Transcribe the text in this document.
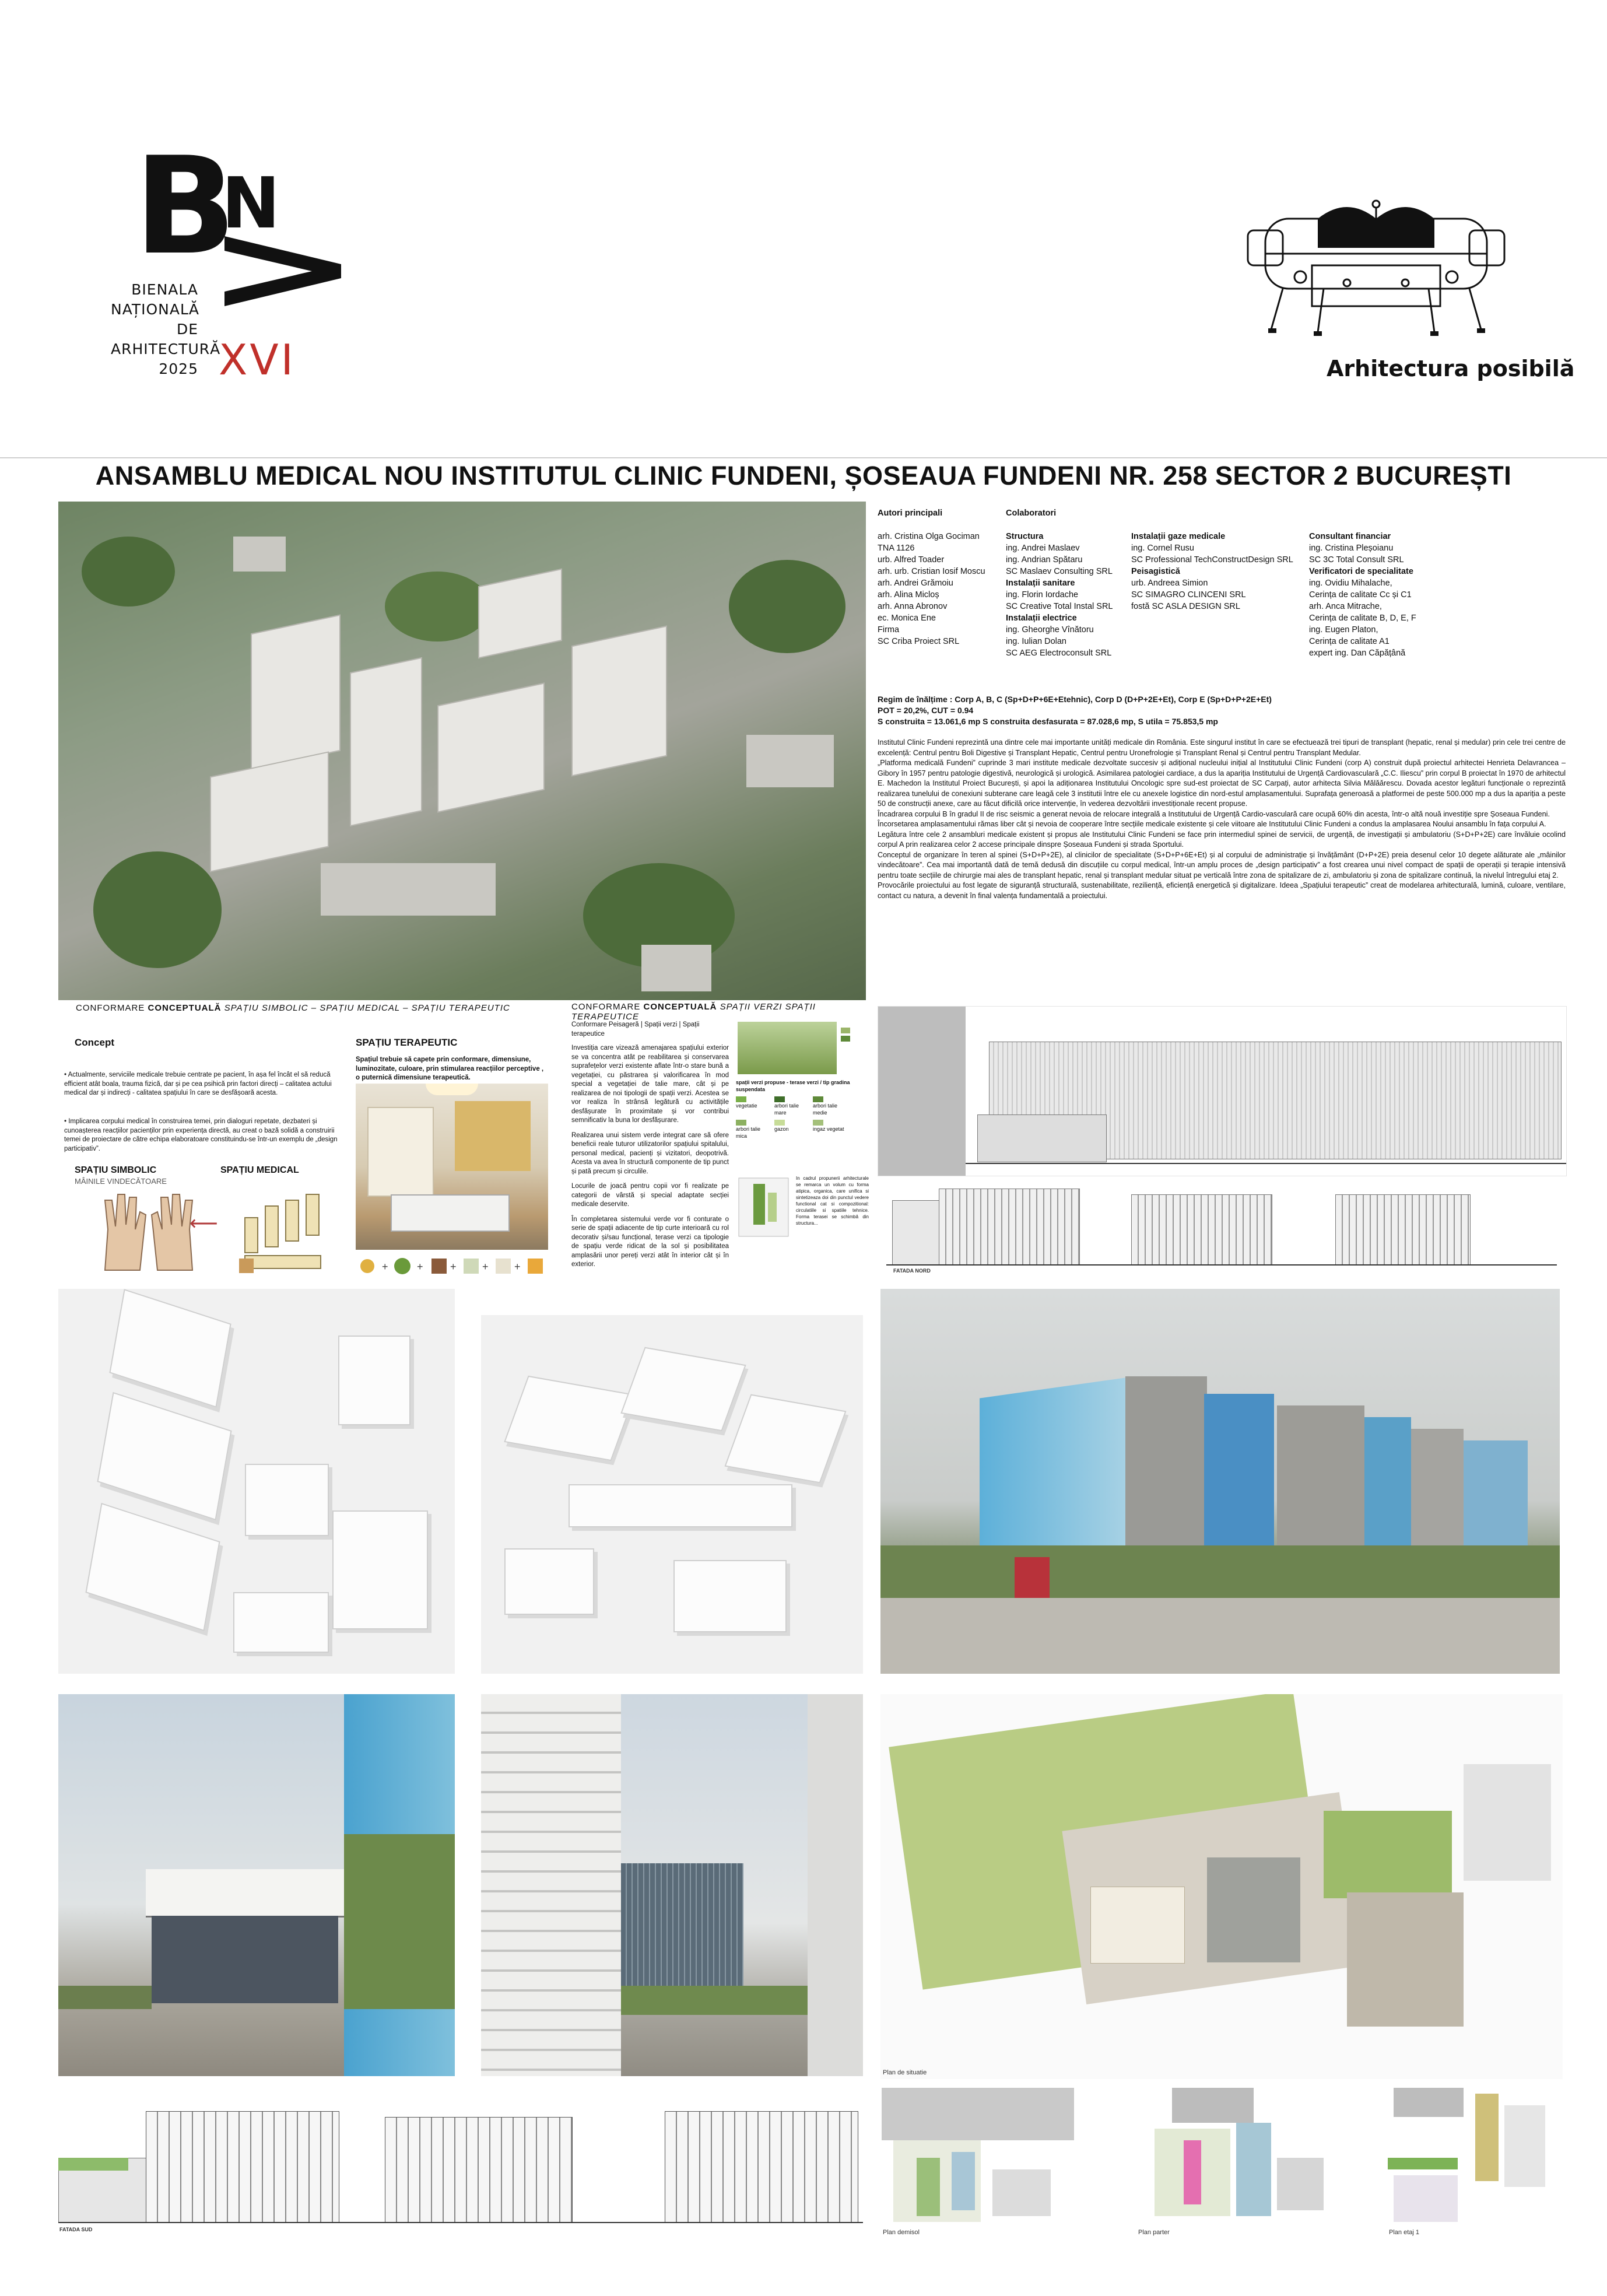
B
N
BIENALA
NAȚIONALĂ
DE
ARHITECTURĂ
2025 XVI	Arhitectura posibilă
ANSAMBLU MEDICAL NOU INSTITUTUL CLINIC FUNDENI, ȘOSEAUA FUNDENI NR. 258 SECTOR 2 BUCUREȘTI
Autori principali
arh. Cristina Olga Gociman
TNA 1126
urb. Alfred Toader
arh. urb. Cristian Iosif Moscu
arh. Andrei Grămoiu
arh. Alina Micloș
arh. Anna Abronov
ec. Monica Ene
Firma
SC Criba Proiect SRL
Colaboratori
Structura
ing. Andrei Maslaev
ing. Andrian Spătaru
SC Maslaev Consulting SRL
Instalații sanitare
ing. Florin Iordache
SC Creative Total Instal SRL
Instalații electrice
ing. Gheorghe Vînătoru
ing. Iulian Dolan
SC AEG Electroconsult SRL
Instalații gaze medicale
ing. Cornel Rusu
SC Professional TechConstructDesign SRL
Peisagistică
urb. Andreea Simion
SC SIMAGRO CLINCENI SRL
fostă SC ASLA DESIGN SRL
Consultant financiar
ing. Cristina Pleșoianu
SC 3C Total Consult SRL
Verificatori de specialitate
ing. Ovidiu Mihalache,
Cerința de calitate Cc și C1
arh. Anca Mitrache,
Cerința de calitate B, D, E, F
ing. Eugen Platon,
Cerința de calitate A1
expert ing. Dan Căpățână
Regim de înălțime : Corp A, B, C (Sp+D+P+6E+Etehnic), Corp D (D+P+2E+Et), Corp E (Sp+D+P+2E+Et)
POT = 20,2%, CUT = 0.94
S construita = 13.061,6 mp S construita desfasurata = 87.028,6 mp, S utila = 75.853,5 mp
Institutul Clinic Fundeni reprezintă una dintre cele mai importante unități medicale din România. Este singurul institut în care se efectuează trei tipuri de transplant (hepatic, renal și medular) prin cele trei centre de excelență: Centrul pentru Boli Digestive și Transplant Hepatic, Centrul pentru Uronefrologie și Transplant Renal și Centrul pentru Transplant Medular.
„Platforma medicală Fundeni” cuprinde 3 mari institute medicale dezvoltate succesiv și adițional nucleului inițial al Institutului Clinic Fundeni (corp A) construit după proiectul arhitectei Henrieta Delavrancea – Gibory în 1957 pentru patologie digestivă, neurologică și urologică. Asimilarea patologiei cardiace, a dus la apariția Institutului de Urgență Cardiovasculară „C.C. Iliescu” prin corpul B proiectat în 1970 de arhitectul E. Machedon la Institutul Proiect București, și apoi la adiționarea Institutului Oncologic spre sud-est proiectat de SC Carpați, autor arhitecta Silvia Mălăărescu. Dovada acestor legături funcționale o reprezintă realizarea tunelului de conexiuni subterane care leagă cele 3 institutii între ele cu anexele logistice din nord-estul amplasamentului. Suprafața generoasă a platformei de peste 500.000 mp a dus la apariția a peste 50 de construcții anexe, care au făcut dificilă orice intervenție, în vederea dezvoltării investiționale recent propuse.
Încadrarea corpului B în gradul II de risc seismic a generat nevoia de relocare integrală a Institutului de Urgență Cardio-vasculară care ocupă 60% din acesta, într-o altă nouă investiție spre Șoseaua Fundeni.
Încorsetarea amplasamentului rămas liber cât și nevoia de cooperare între secțiile medicale existente și cele viitoare ale Institutului Clinic Fundeni a condus la amplasarea Noului ansamblu în fața corpului A.
Legătura între cele 2 ansambluri medicale existent și propus ale Institutului Clinic Fundeni se face prin intermediul spinei de servicii, de urgență, de investigații și ambulatoriu (S+D+P+2E) care învăluie ocolind corpul A prin realizarea celor 2 accese principale dinspre Șoseaua Fundeni și strada Sportului.
Conceptul de organizare în teren al spinei (S+D+P+2E), al clinicilor de specialitate (S+D+P+6E+Et) și al corpului de administrație și învățământ (D+P+2E) preia desenul celor 10 degete alăturate ale „mâinilor vindecătoare”. Cea mai importantă dată de temă dedusă din discuțiile cu corpul medical, într-un amplu proces de „design participativ” a fost crearea unui nivel compact de spații de operații și terapie intensivă pentru toate secțiile de chirurgie mai ales de transplant hepatic, renal și transplant medular situat pe verticală între zona de spitalizare de zi, ambulatoriu și zona de spitalizare continuă, la nivelul întregului etaj 2.
Provocările proiectului au fost legate de siguranță structurală, sustenabilitate, reziliență, eficiență energetică și digitalizare. Ideea „Spațiului terapeutic” creat de modelarea arhitecturală, lumină, culoare, ventilare, contact cu natura, a devenit în final valența fundamentală a proiectului.
CONFORMARE CONCEPTUALĂ SPAȚIU SIMBOLIC – SPAȚIU MEDICAL – SPAȚIU TERAPEUTIC
Concept
• Actualmente, serviciile medicale trebuie centrate pe pacient, în așa fel încât el să reducă efficient atât boala, trauma fizică, dar și pe cea psihică prin factori direcți – calitatea actului medical dar și indirecți - calitatea spațiului în care se desfășoară acesta.
• Implicarea corpului medical în construirea temei, prin dialoguri repetate, dezbateri și cunoașterea reacțiilor pacienților prin experiența directă, au creat o bază solidă a construirii temei de proiectare de către echipa elaboratoare constituindu-se într-un exemplu de „design participativ”.
SPAȚIU SIMBOLIC
MÂINILE VINDECĂTOARE
SPAȚIU MEDICAL
⟵
SPAȚIU TERAPEUTIC
Spațiul trebuie să capete prin conformare, dimensiune, luminozitate, culoare, prin stimularea reacțiilor perceptive , o puternică dimensiune terapeutică.
+	+	+ + +
CONFORMARE CONCEPTUALĂ SPAȚII VERZI SPAȚII TERAPEUTICE
Conformare Peisageră | Spații verzi | Spații terapeutice
Investiția care vizează amenajarea spațiului exterior se va concentra atât pe reabilitarea și conservarea suprafețelor verzi existente aflate într-o stare bună a vegetației, cu păstrarea și valorificarea în mod special a vegetației de talie mare, cât și pe realizarea de noi tipologii de spații verzi. Acestea se vor realiza în strânsă legătură cu activitățile desfășurate în proximitate și vor contribui semnificativ la buna lor desfășurare.
Realizarea unui sistem verde integrat care să ofere beneficii reale tuturor utilizatorilor spațiului spitalului, personal medical, pacienți și vizitatori, deopotrivă. Acesta va avea în structură componente de tip punct și pată precum și circulile.
Locurile de joacă pentru copii vor fi realizate pe categorii de vârstă și special adaptate secției medicale deservite.
În completarea sistemului verde vor fi conturate o serie de spații adiacente de tip curte interioară cu rol decorativ și/sau funcțional, terase verzi ca tipologie de spațiu verde ridicat de la sol și posibilitatea amplasării unor pereți verzi atât în interior cât și în exterior.
spații verzi propuse - terase verzi / tip gradina suspendata
vegetatie	arbori talie mare
arbori talie medie
arbori talie mica
gazon	ingaz vegetat
In cadrul propunerii arhitecturale se remarca un volum cu forma atipica, organica, care unifica si sintetizeaza doi din punctul vedere functional cat si compozitional: circulatiile si spatiile tehnice. Forma terasei se schimbă din structura...
FATADA NORD
Plan de situatie
FATADA SUD	Plan demisol	Plan parter	Plan etaj 1
